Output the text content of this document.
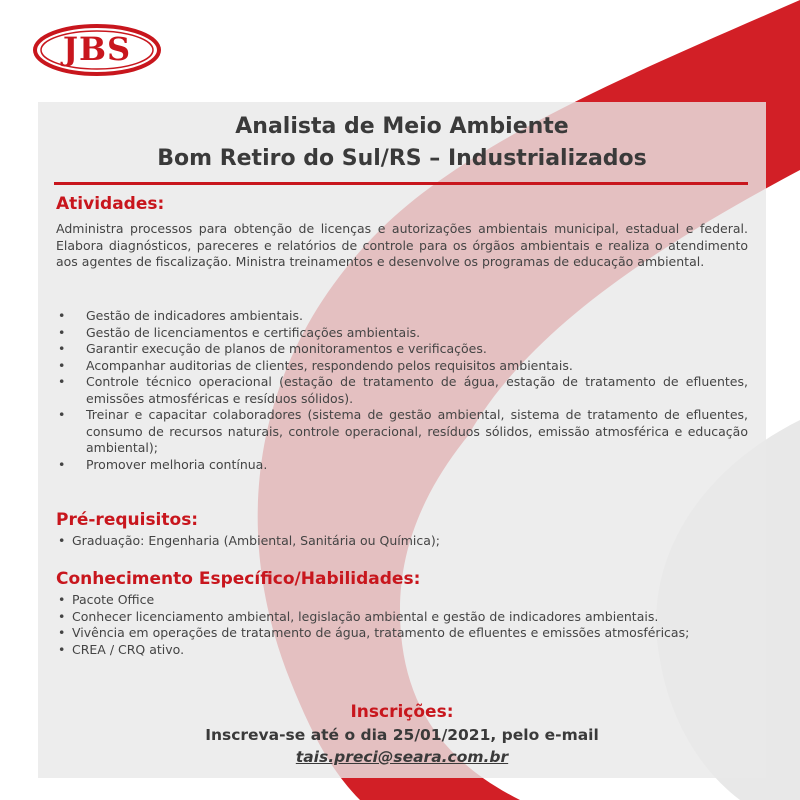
JBS
Analista de Meio Ambiente
Bom Retiro do Sul/RS – Industrializados
Atividades:
Administra processos para obtenção de licenças e autorizações ambientais municipal, estadual e federal. Elabora diagnósticos, pareceres e relatórios de controle para os órgãos ambientais e realiza o atendimento aos agentes de fiscalização. Ministra treinamentos e desenvolve os programas de educação ambiental.
• Gestão de indicadores ambientais.
• Gestão de licenciamentos e certificações ambientais.
• Garantir execução de planos de monitoramentos e verificações.
• Acompanhar auditorias de clientes, respondendo pelos requisitos ambientais.
• Controle técnico operacional (estação de tratamento de água, estação de tratamento de efluentes, emissões atmosféricas e resíduos sólidos).
• Treinar e capacitar colaboradores (sistema de gestão ambiental, sistema de tratamento de efluentes, consumo de recursos naturais, controle operacional, resíduos sólidos, emissão atmosférica e educação ambiental);
• Promover melhoria contínua.
Pré-requisitos:
• Graduação: Engenharia (Ambiental, Sanitária ou Química);
Conhecimento Específico/Habilidades:
• Pacote Office
• Conhecer licenciamento ambiental, legislação ambiental e gestão de indicadores ambientais.
• Vivência em operações de tratamento de água, tratamento de efluentes e emissões atmosféricas;
• CREA / CRQ ativo.
Inscrições:
Inscreva-se até o dia 25/01/2021, pelo e-mail
tais.preci@seara.com.br
